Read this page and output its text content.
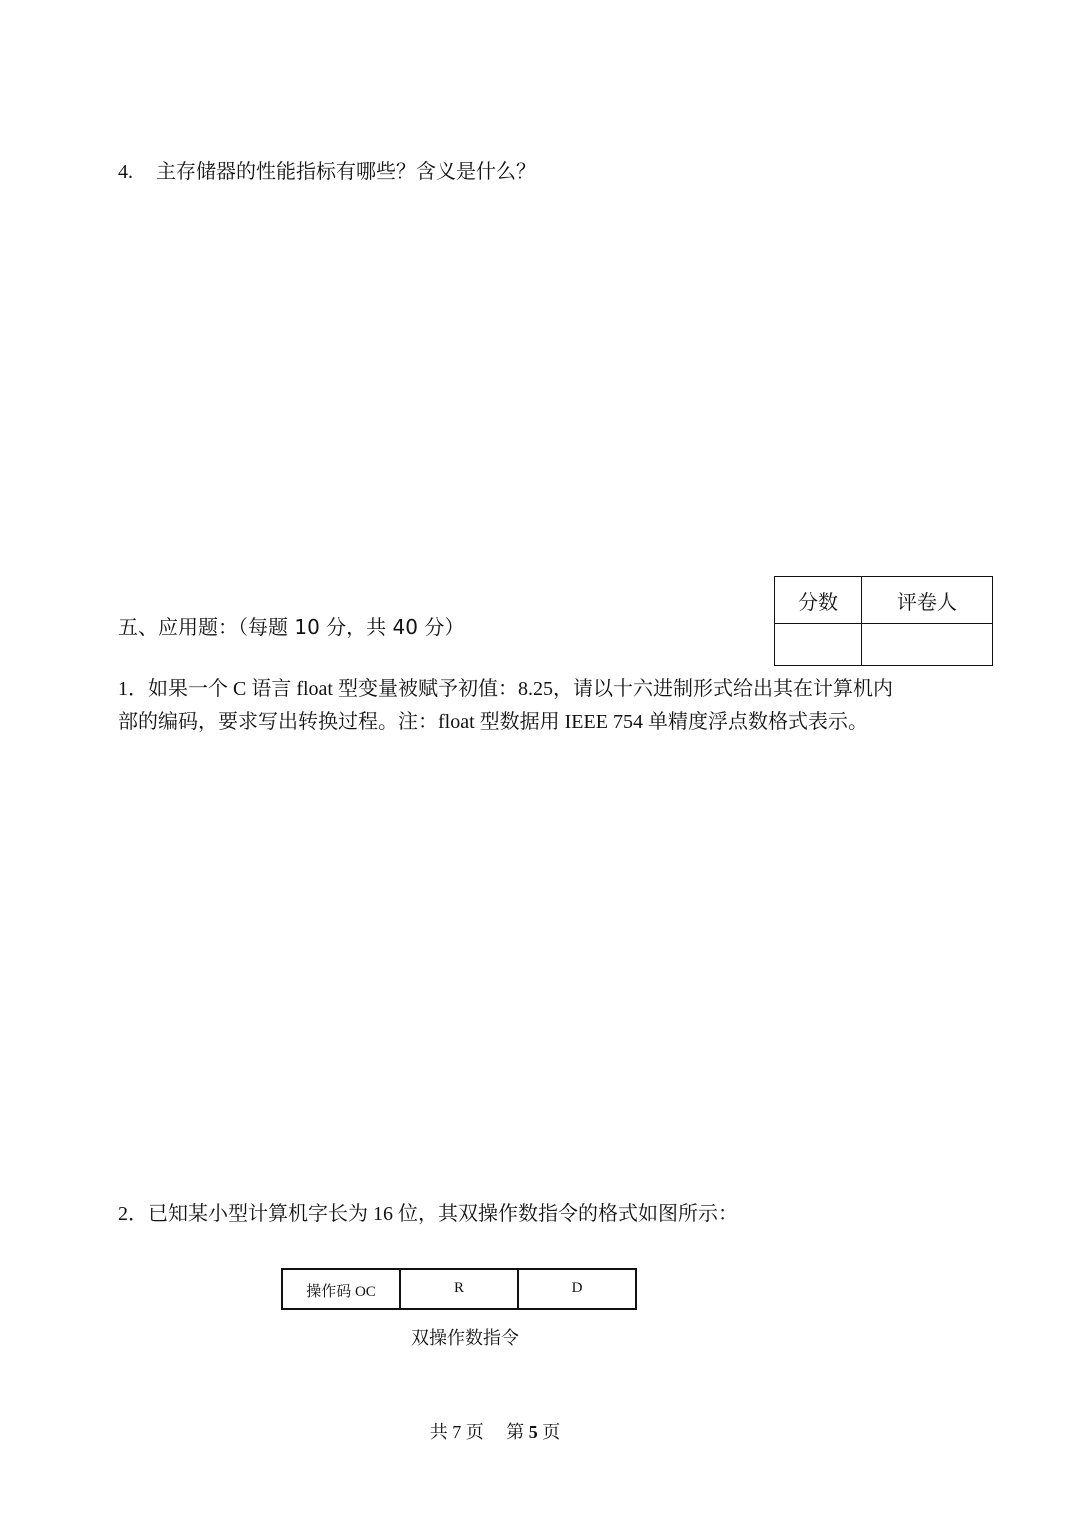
4. 主存储器的性能指标有哪些？含义是什么？
分数	评卷人

五、应用题：（每题 10 分，共 40 分）

1．如果一个 C 语言 float 型变量被赋予初值：8.25，请以十六进制形式给出其在计算机内

部的编码，要求写出转换过程。注：float 型数据用 IEEE 754 单精度浮点数格式表示。

2．已知某小型计算机字长为 16 位，其双操作数指令的格式如图所示：
操作码 OC	R	D
双操作数指令
共 7 页     第 5 页
